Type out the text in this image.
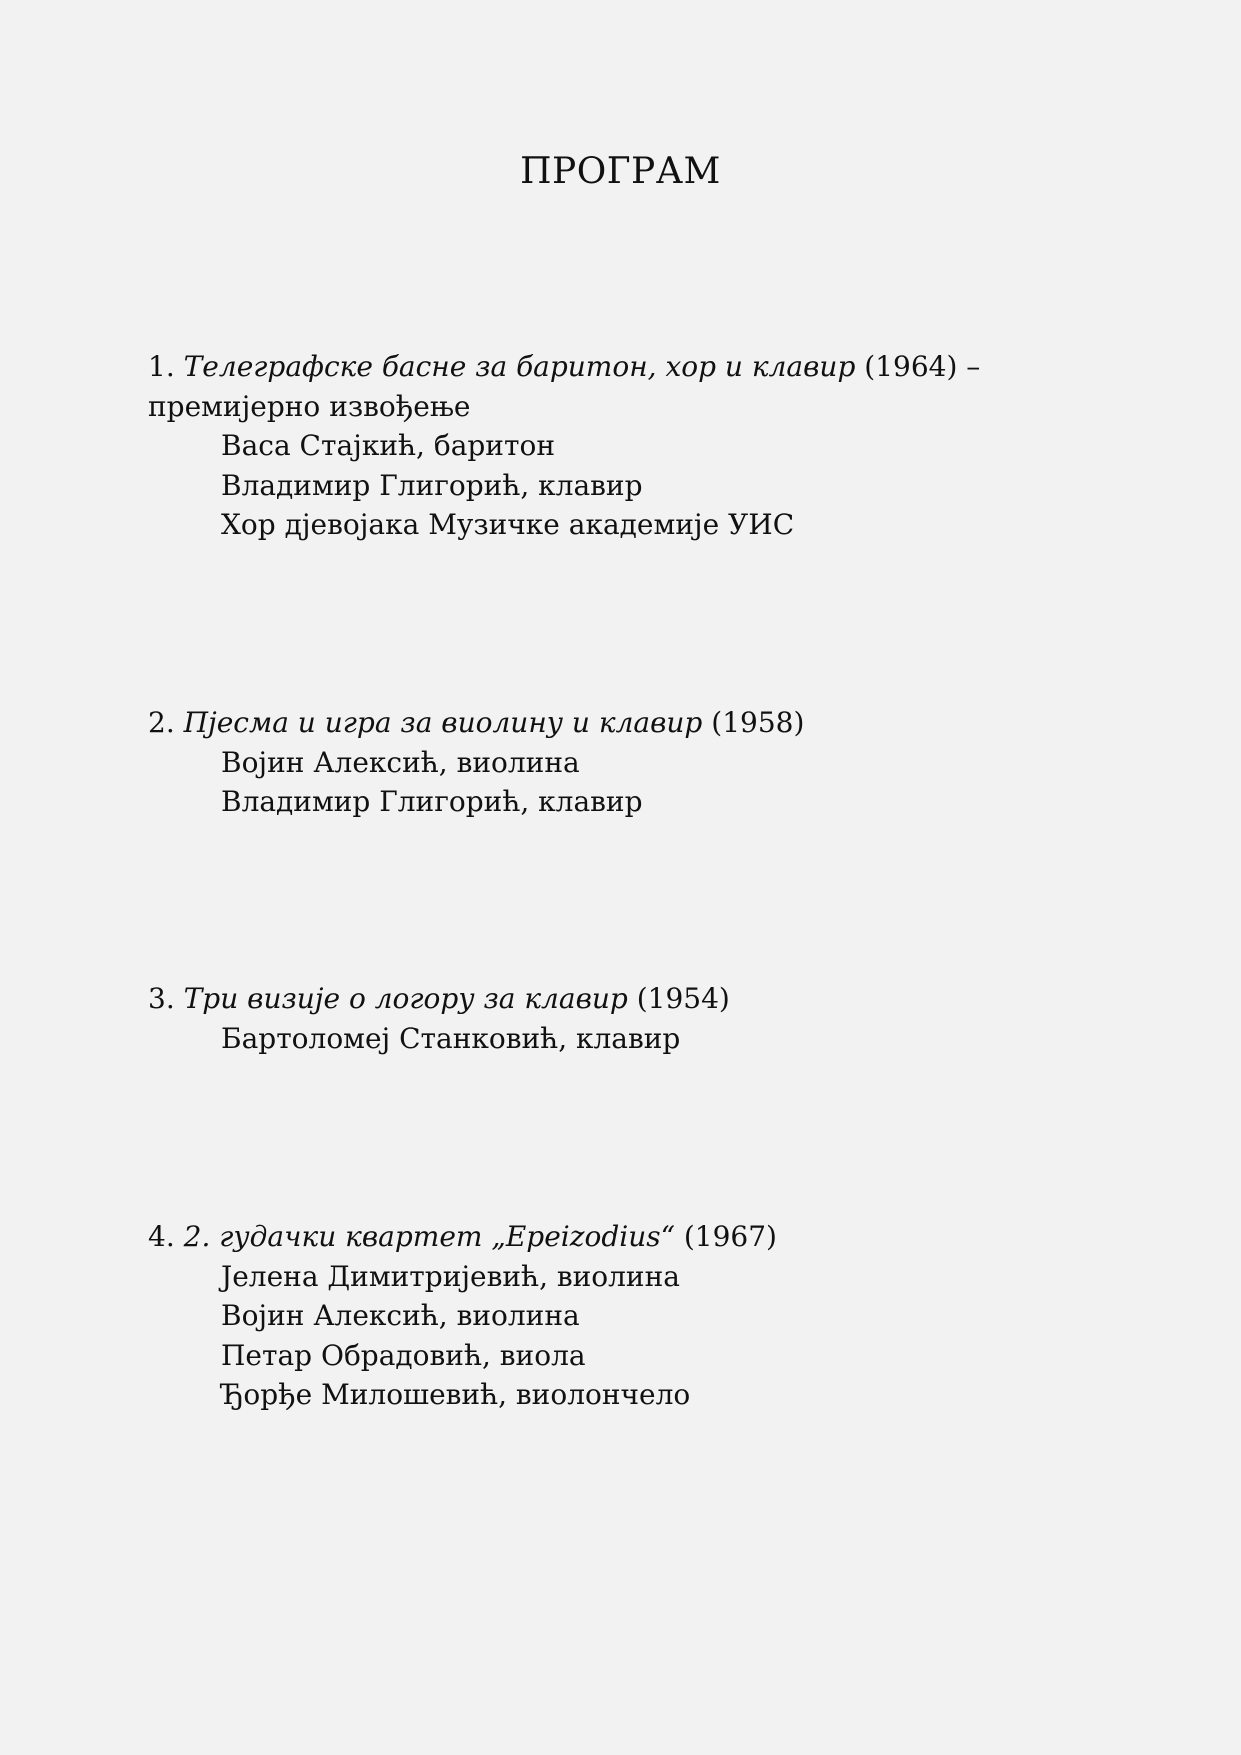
ПРОГРАМ

1. Телеграфске басне за баритон, хор и клавир (1964) – премијерно извођење

Васа Стајкић, баритон

Владимир Глигорић, клавир

Хор дјевојака Музичке академије УИС

2. Пјесма и игра за виолину и клавир (1958)

Војин Алексић, виолина

Владимир Глигорић, клавир

3. Три визије о логору за клавир (1954)

Бартоломеј Станковић, клавир

4. 2. гудачки квартет „Epeizodius“ (1967)

Јелена Димитријевић, виолина

Војин Алексић, виолина

Петар Обрадовић, виола

Ђорђе Милошевић, виолончело
